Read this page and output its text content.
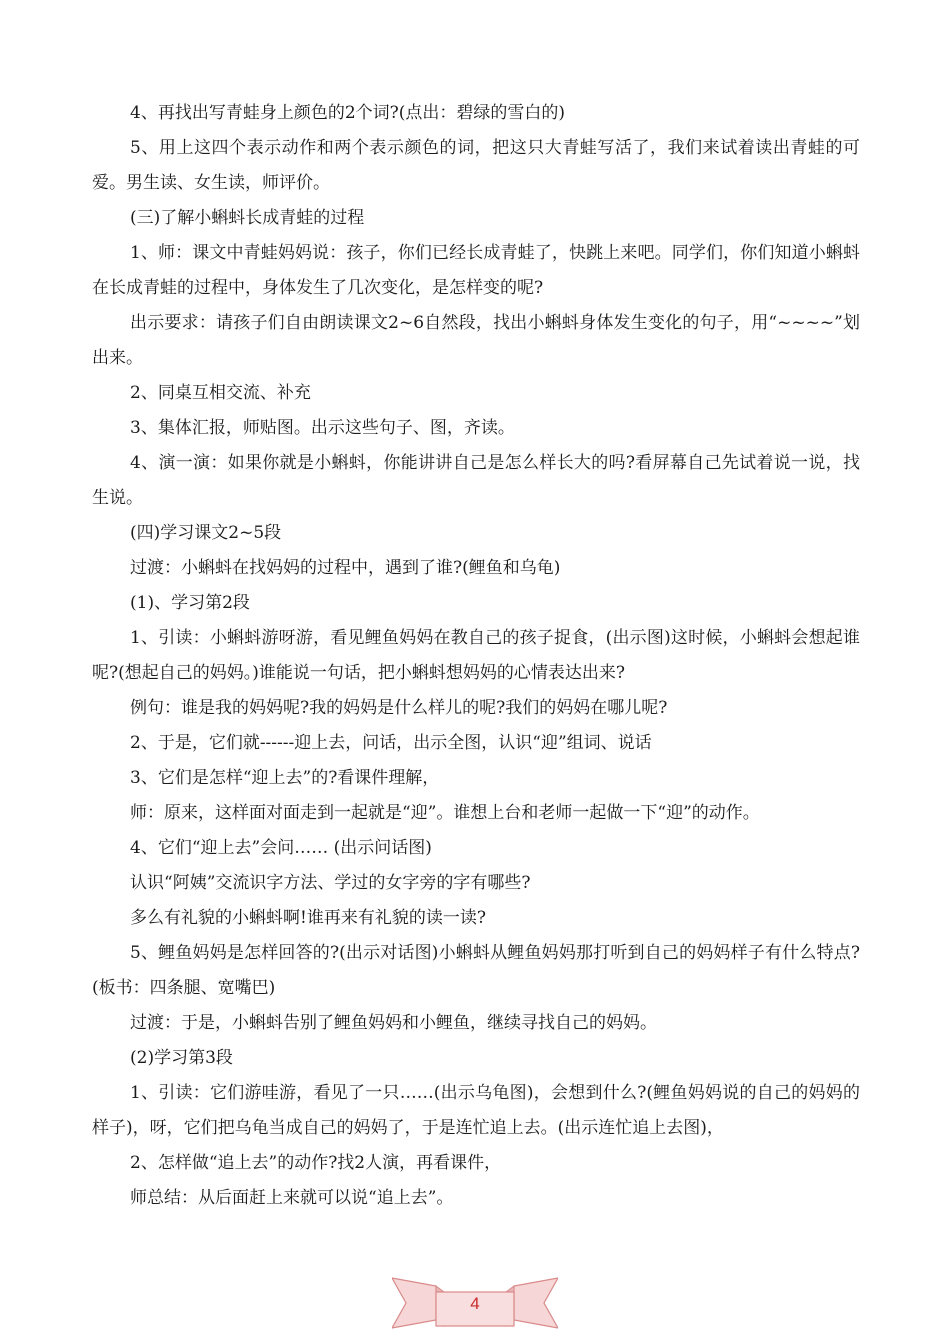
4、再找出写青蛙身上颜色的2个词?(点出：碧绿的雪白的)

5、用上这四个表示动作和两个表示颜色的词，把这只大青蛙写活了，我们来试着读出青蛙的可爱。男生读、女生读，师评价。

(三)了解小蝌蚪长成青蛙的过程

1、师：课文中青蛙妈妈说：孩子，你们已经长成青蛙了，快跳上来吧。同学们，你们知道小蝌蚪在长成青蛙的过程中，身体发生了几次变化，是怎样变的呢?

出示要求：请孩子们自由朗读课文2~6自然段，找出小蝌蚪身体发生变化的句子，用“~~~~”划出来。

2、同桌互相交流、补充

3、集体汇报，师贴图。出示这些句子、图，齐读。

4、演一演：如果你就是小蝌蚪，你能讲讲自己是怎么样长大的吗?看屏幕自己先试着说一说，找生说。

(四)学习课文2~5段

过渡：小蝌蚪在找妈妈的过程中，遇到了谁?(鲤鱼和乌龟)

(1)、学习第2段

1、引读：小蝌蚪游呀游，看见鲤鱼妈妈在教自己的孩子捉食，(出示图)这时候，小蝌蚪会想起谁呢?(想起自己的妈妈。)谁能说一句话，把小蝌蚪想妈妈的心情表达出来?

例句：谁是我的妈妈呢?我的妈妈是什么样儿的呢?我们的妈妈在哪儿呢?

2、于是，它们就------迎上去，问话，出示全图，认识“迎”组词、说话

3、它们是怎样“迎上去”的?看课件理解，

师：原来，这样面对面走到一起就是“迎”。谁想上台和老师一起做一下“迎”的动作。

4、它们“迎上去”会问…… (出示问话图)

认识“阿姨”交流识字方法、学过的女字旁的字有哪些?

多么有礼貌的小蝌蚪啊!谁再来有礼貌的读一读?

5、鲤鱼妈妈是怎样回答的?(出示对话图)小蝌蚪从鲤鱼妈妈那打听到自己的妈妈样子有什么特点?(板书：四条腿、宽嘴巴)

过渡：于是，小蝌蚪告别了鲤鱼妈妈和小鲤鱼，继续寻找自己的妈妈。

(2)学习第3段

1、引读：它们游哇游，看见了一只……(出示乌龟图)，会想到什么?(鲤鱼妈妈说的自己的妈妈的样子)，呀，它们把乌龟当成自己的妈妈了，于是连忙追上去。(出示连忙追上去图)，

2、怎样做“追上去”的动作?找2人演，再看课件，

师总结：从后面赶上来就可以说“追上去”。

4
